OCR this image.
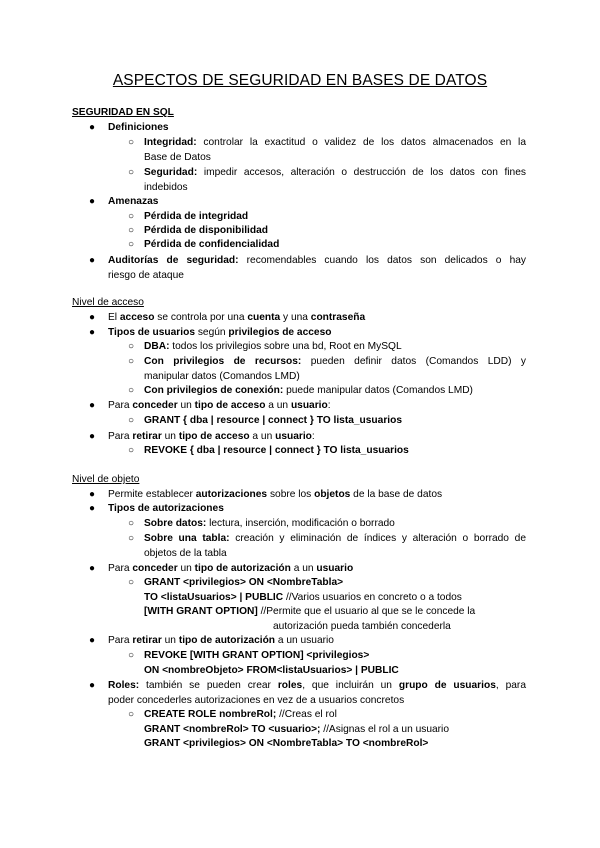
ASPECTOS DE SEGURIDAD EN BASES DE DATOS
SEGURIDAD EN SQL
● Definiciones
○ Integridad: controlar la exactitud o validez de los datos almacenados en la
Base de Datos
○ Seguridad: impedir accesos, alteración o destrucción de los datos con fines
indebidos
● Amenazas
○ Pérdida de integridad
○ Pérdida de disponibilidad
○ Pérdida de confidencialidad
● Auditorías de seguridad: recomendables cuando los datos son delicados o hay
riesgo de ataque
Nivel de acceso
● El acceso se controla por una cuenta y una contraseña
● Tipos de usuarios según privilegios de acceso
○ DBA: todos los privilegios sobre una bd, Root en MySQL
○ Con privilegios de recursos: pueden definir datos (Comandos LDD) y
manipular datos (Comandos LMD)
○ Con privilegios de conexión: puede manipular datos (Comandos LMD)
● Para conceder un tipo de acceso a un usuario:
○ GRANT { dba | resource | connect } TO lista_usuarios
● Para retirar un tipo de acceso a un usuario:
○ REVOKE { dba | resource | connect } TO lista_usuarios
Nivel de objeto
● Permite establecer autorizaciones sobre los objetos de la base de datos
● Tipos de autorizaciones
○ Sobre datos: lectura, inserción, modificación o borrado
○ Sobre una tabla: creación y eliminación de índices y alteración o borrado de
objetos de la tabla
● Para conceder un tipo de autorización a un usuario
○ GRANT <privilegios> ON <NombreTabla>
TO <listaUsuarios> | PUBLIC //Varios usuarios en concreto o a todos
[WITH GRANT OPTION] //Permite que el usuario al que se le concede la
autorización pueda también concederla
● Para retirar un tipo de autorización a un usuario
○ REVOKE [WITH GRANT OPTION] <privilegios>
ON <nombreObjeto> FROM<listaUsuarios> | PUBLIC
● Roles: también se pueden crear roles, que incluirán un grupo de usuarios, para
poder concederles autorizaciones en vez de a usuarios concretos
○ CREATE ROLE nombreRol; //Creas el rol
GRANT <nombreRol> TO <usuario>; //Asignas el rol a un usuario
GRANT <privilegios> ON <NombreTabla> TO <nombreRol>
